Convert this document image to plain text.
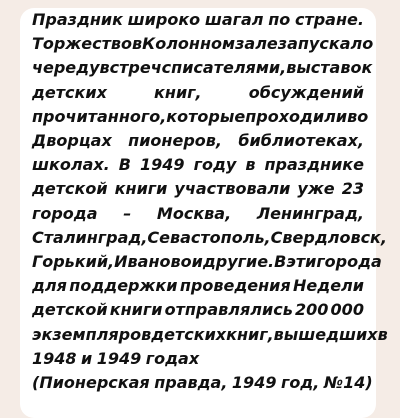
Праздник широко шагал по стране.
Торжество в Колонном зале запускало
череду встреч с писателями, выставок
детских	книг,	обсуждений
прочитанного, которые проходили во
Дворцах пионеров, библиотеках,
школах. В 1949 году в празднике
детской книги участвовали уже 23
города – Москва, Ленинград,
Сталинград, Севастополь, Свердловск,
Горький, Иваново и другие. В эти города
для поддержки проведения Недели
детской книги отправлялись 200 000
экземпляров детских книг, вышедших в
1948 и 1949 годах
(Пионерская правда, 1949 год, №14)
